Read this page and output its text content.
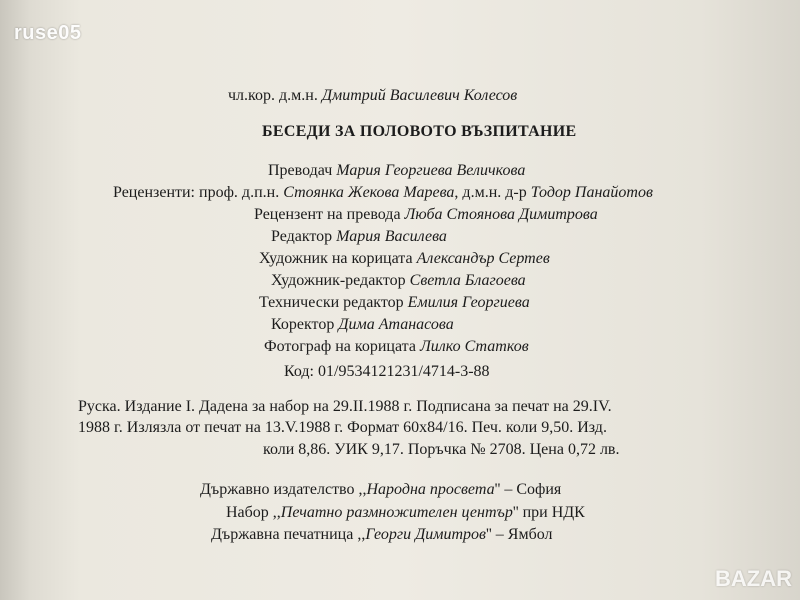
ruse05
чл.кор. д.м.н. Дмитрий Василевич Колесов
БЕСЕДИ ЗА ПОЛОВОТО ВЪЗПИТАНИЕ
Преводач Мария Георгиева Величкова
Рецензенти: проф. д.п.н. Стоянка Жекова Марева, д.м.н. д-р Тодор Панайотов
Рецензент на превода Люба Стоянова Димитрова
Редактор Мария Василева
Художник на корицата Александър Сертев
Художник-редактор Светла Благоева
Технически редактор Емилия Георгиева
Коректор Дима Атанасова
Фотограф на корицата Лилко Статков
Код: 01/9534121231/4714-3-88
Руска. Издание I. Дадена за набор на 29.II.1988 г. Подписана за печат на 29.IV.
1988 г. Излязла от печат на 13.V.1988 г. Формат 60x84/16. Печ. коли 9,50. Изд.
коли 8,86. УИК 9,17. Поръчка № 2708. Цена 0,72 лв.
Държавно издателство ,,Народна просвета'' – София
Набор ,,Печатно размножителен център'' при НДК
Държавна печатница ,,Георги Димитров'' – Ямбол
BAZAR
